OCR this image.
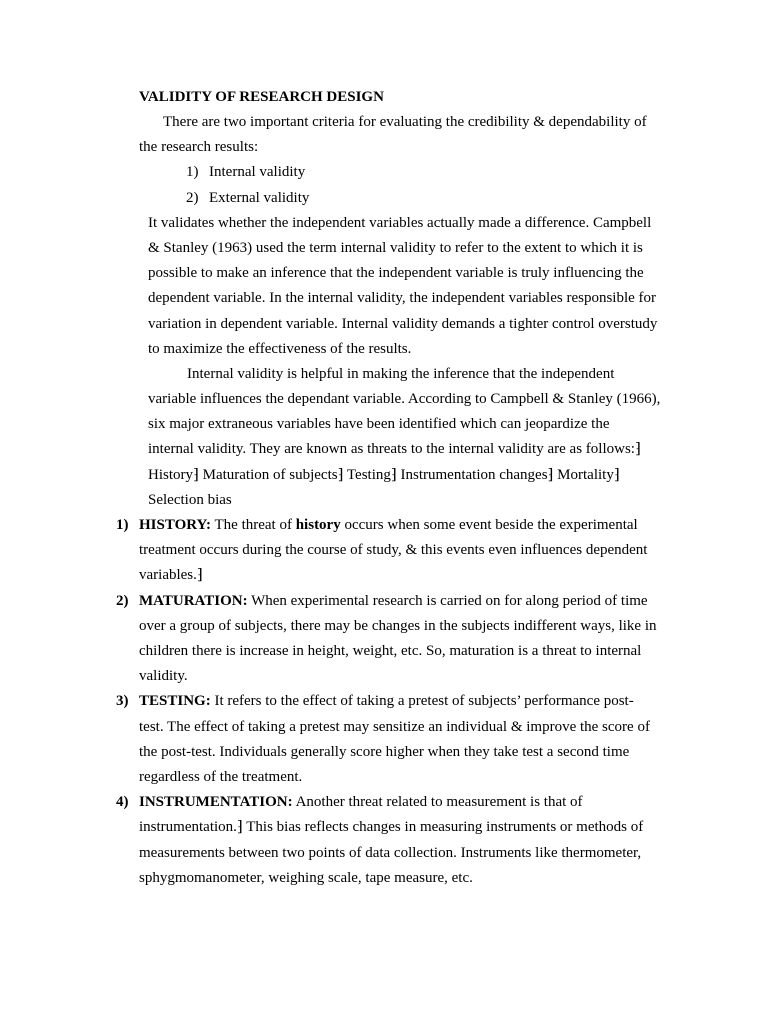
VALIDITY OF RESEARCH DESIGN
There are two important criteria for evaluating the credibility & dependability of
the research results:
1) Internal validity
2) External validity
It validates whether the independent variables actually made a difference. Campbell
& Stanley (1963) used the term internal validity to refer to the extent to which it is
possible to make an inference that the independent variable is truly influencing the
dependent variable. In the internal validity, the independent variables responsible for
variation in dependent variable. Internal validity demands a tighter control overstudy
to maximize the effectiveness of the results.
Internal validity is helpful in making the inference that the independent
variable influences the dependant variable. According to Campbell & Stanley (1966),
six major extraneous variables have been identified which can jeopardize the
internal validity. They are known as threats to the internal validity are as follows:⁆
History⁆ Maturation of subjects⁆ Testing⁆ Instrumentation changes⁆ Mortality⁆
Selection bias
1) HISTORY: The threat of history occurs when some event beside the experimental
treatment occurs during the course of study, & this events even influences dependent
variables.⁆
2) MATURATION: When experimental research is carried on for along period of time
over a group of subjects, there may be changes in the subjects indifferent ways, like in
children there is increase in height, weight, etc. So, maturation is a threat to internal
validity.
3) TESTING: It refers to the effect of taking a pretest of subjects’ performance post-
test. The effect of taking a pretest may sensitize an individual & improve the score of
the post-test. Individuals generally score higher when they take test a second time
regardless of the treatment.
4) INSTRUMENTATION: Another threat related to measurement is that of
instrumentation.⁆ This bias reflects changes in measuring instruments or methods of
measurements between two points of data collection. Instruments like thermometer,
sphygmomanometer, weighing scale, tape measure, etc.
